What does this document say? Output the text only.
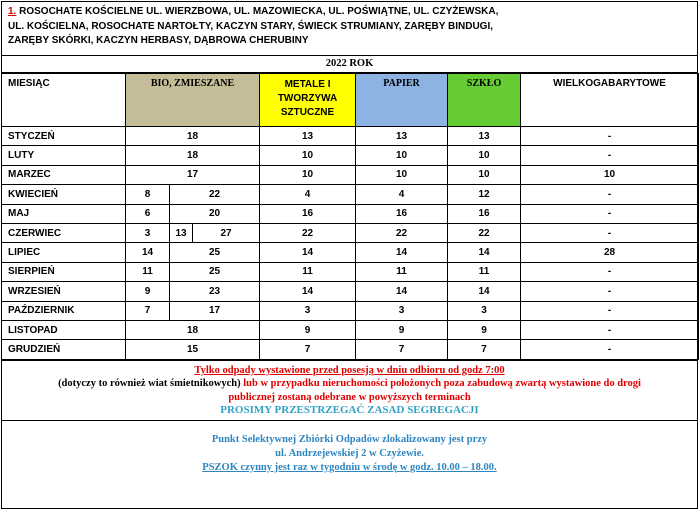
1. ROSOCHATE KOŚCIELNE UL. WIERZBOWA, UL. MAZOWIECKA, UL. POŚWIĄTNE, UL. CZYŻEWSKA,
UL. KOŚCIELNA, ROSOCHATE NARTOŁTY, KACZYN STARY, ŚWIECK STRUMIANY, ZARĘBY BINDUGI,
ZARĘBY SKÓRKI, KACZYN HERBASY, DĄBROWA CHERUBINY
2022 ROK
MIESIĄC	BIO, ZMIESZANE			METALE I
TWORZYWA
SZTUCZNE	PAPIER	SZKŁO	WIELKOGABARYTOWE
STYCZEŃ	18			13	13	13	-
LUTY	18			10	10	10	-
MARZEC	17			10	10	10	10
KWIECIEŃ	8	22		4	4	12	-
MAJ	6	20		16	16	16	-
CZERWIEC	3	13	27	22	22	22	-
LIPIEC	14	25		14	14	14	28
SIERPIEŃ	11	25		11	11	11	-
WRZESIEŃ	9	23		14	14	14	-
PAŹDZIERNIK	7	17		3	3	3	-
LISTOPAD	18			9	9	9	-
GRUDZIEŃ	15			7	7	7	-
Tylko odpady wystawione przed posesją w dniu odbioru od godz 7:00
(dotyczy to również wiat śmietnikowych) lub w przypadku nieruchomości położonych poza zabudową zwartą wystawione do drogi
publicznej zostaną odebrane w powyższych terminach
PROSIMY PRZESTRZEGAĆ ZASAD SEGREGACJI
Punkt Selektywnej Zbiórki Odpadów zlokalizowany jest przy
ul. Andrzejewskiej 2 w Czyżewie.
PSZOK czynny jest raz w tygodniu w środę w godz. 10.00 – 18.00.
